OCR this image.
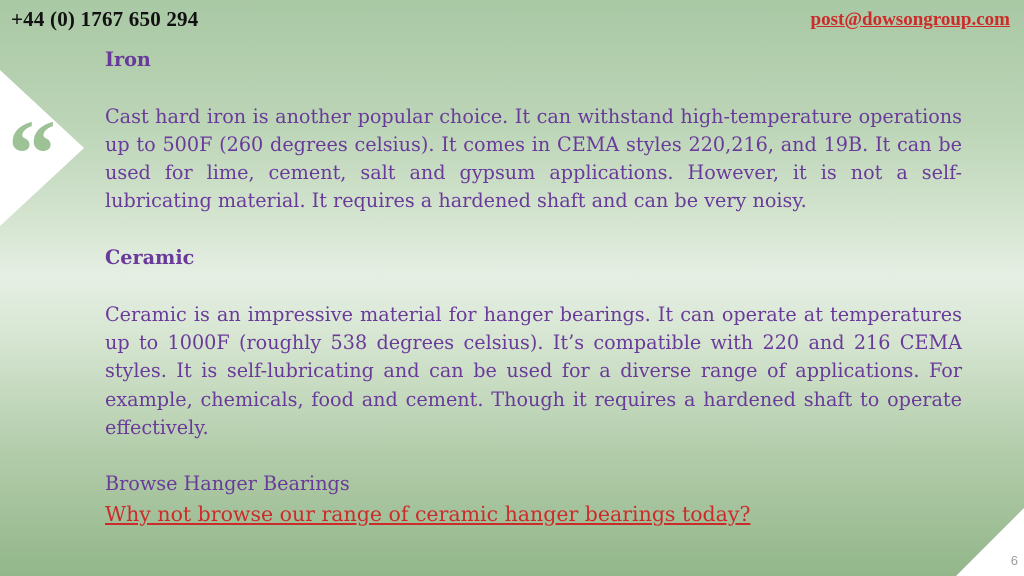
+44 (0) 1767 650 294	post@dowsongroup.com
“

Iron

Cast hard iron is another popular choice. It can withstand high-temperature operations up to 500F (260 degrees celsius). It comes in CEMA styles 220,216, and 19B. It can be used for lime, cement, salt and gypsum applications. However, it is not a self-lubricating material. It requires a hardened shaft and can be very noisy.

Ceramic

Ceramic is an impressive material for hanger bearings. It can operate at temperatures up to 1000F (roughly 538 degrees celsius). It’s compatible with 220 and 216 CEMA styles. It is self-lubricating and can be used for a diverse range of applications. For example, chemicals, food and cement. Though it requires a hardened shaft to operate effectively.

Browse Hanger Bearings

Why not browse our range of ceramic hanger bearings today?
6
